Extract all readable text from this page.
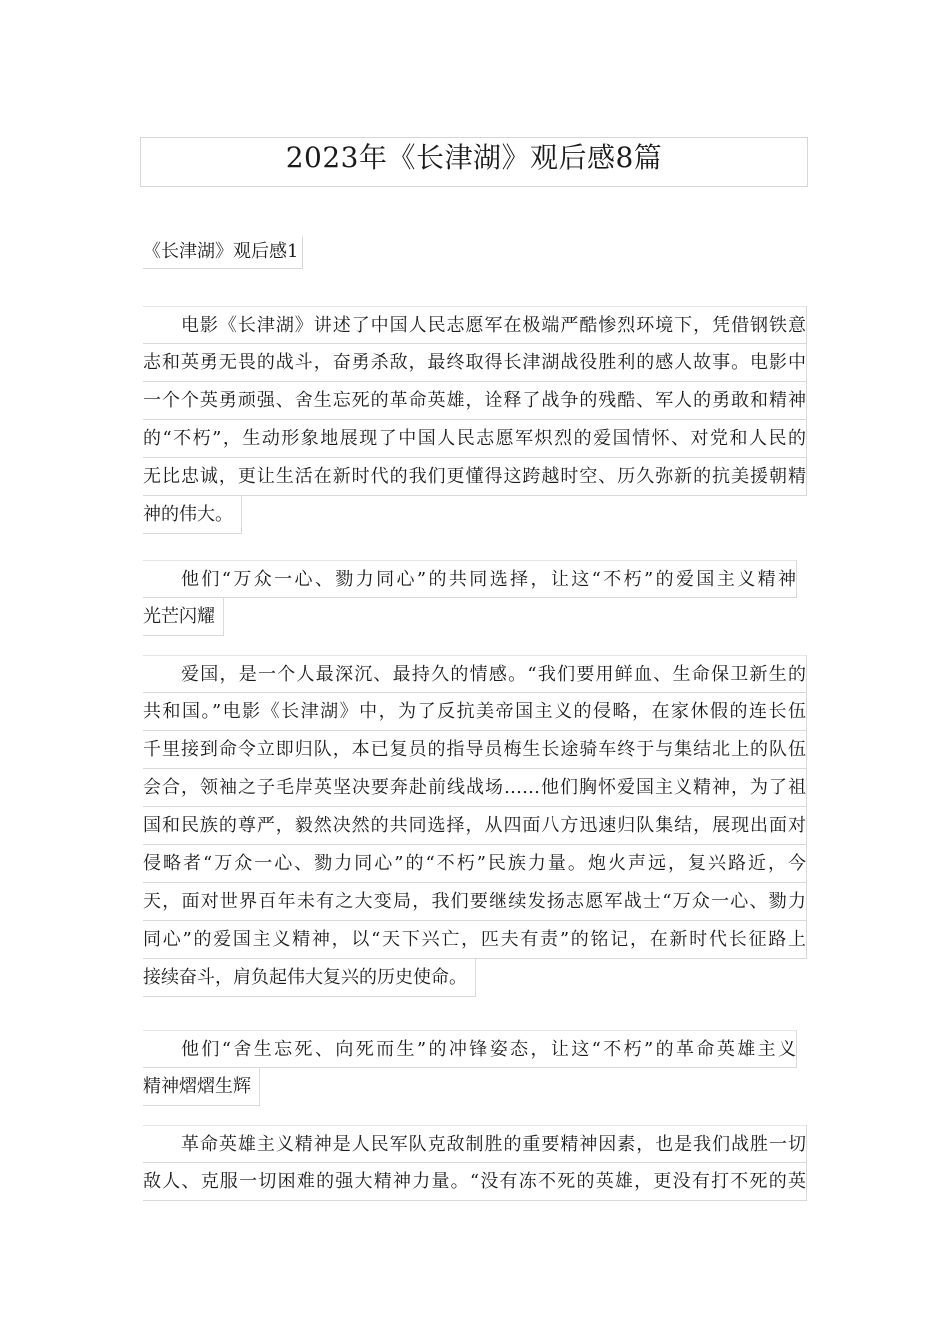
2023年《长津湖》观后感8篇
《长津湖》观后感1
电影《长津湖》讲述了中国人民志愿军在极端严酷惨烈环境下，凭借钢铁意
志和英勇无畏的战斗，奋勇杀敌，最终取得长津湖战役胜利的感人故事。电影中
一个个英勇顽强、舍生忘死的革命英雄，诠释了战争的残酷、军人的勇敢和精神
的“不朽”，生动形象地展现了中国人民志愿军炽烈的爱国情怀、对党和人民的
无比忠诚，更让生活在新时代的我们更懂得这跨越时空、历久弥新的抗美援朝精
神的伟大。
他们“万众一心、勠力同心”的共同选择，让这“不朽”的爱国主义精神
光芒闪耀
爱国，是一个人最深沉、最持久的情感。“我们要用鲜血、生命保卫新生的
共和国。”电影《长津湖》中，为了反抗美帝国主义的侵略，在家休假的连长伍
千里接到命令立即归队，本已复员的指导员梅生长途骑车终于与集结北上的队伍
会合，领袖之子毛岸英坚决要奔赴前线战场……他们胸怀爱国主义精神，为了祖
国和民族的尊严，毅然决然的共同选择，从四面八方迅速归队集结，展现出面对
侵略者“万众一心、勠力同心”的“不朽”民族力量。炮火声远，复兴路近，今
天，面对世界百年未有之大变局，我们要继续发扬志愿军战士“万众一心、勠力
同心”的爱国主义精神，以“天下兴亡，匹夫有责”的铭记，在新时代长征路上
接续奋斗，肩负起伟大复兴的历史使命。
他们“舍生忘死、向死而生”的冲锋姿态，让这“不朽”的革命英雄主义
精神熠熠生辉
革命英雄主义精神是人民军队克敌制胜的重要精神因素，也是我们战胜一切
敌人、克服一切困难的强大精神力量。“没有冻不死的英雄，更没有打不死的英
